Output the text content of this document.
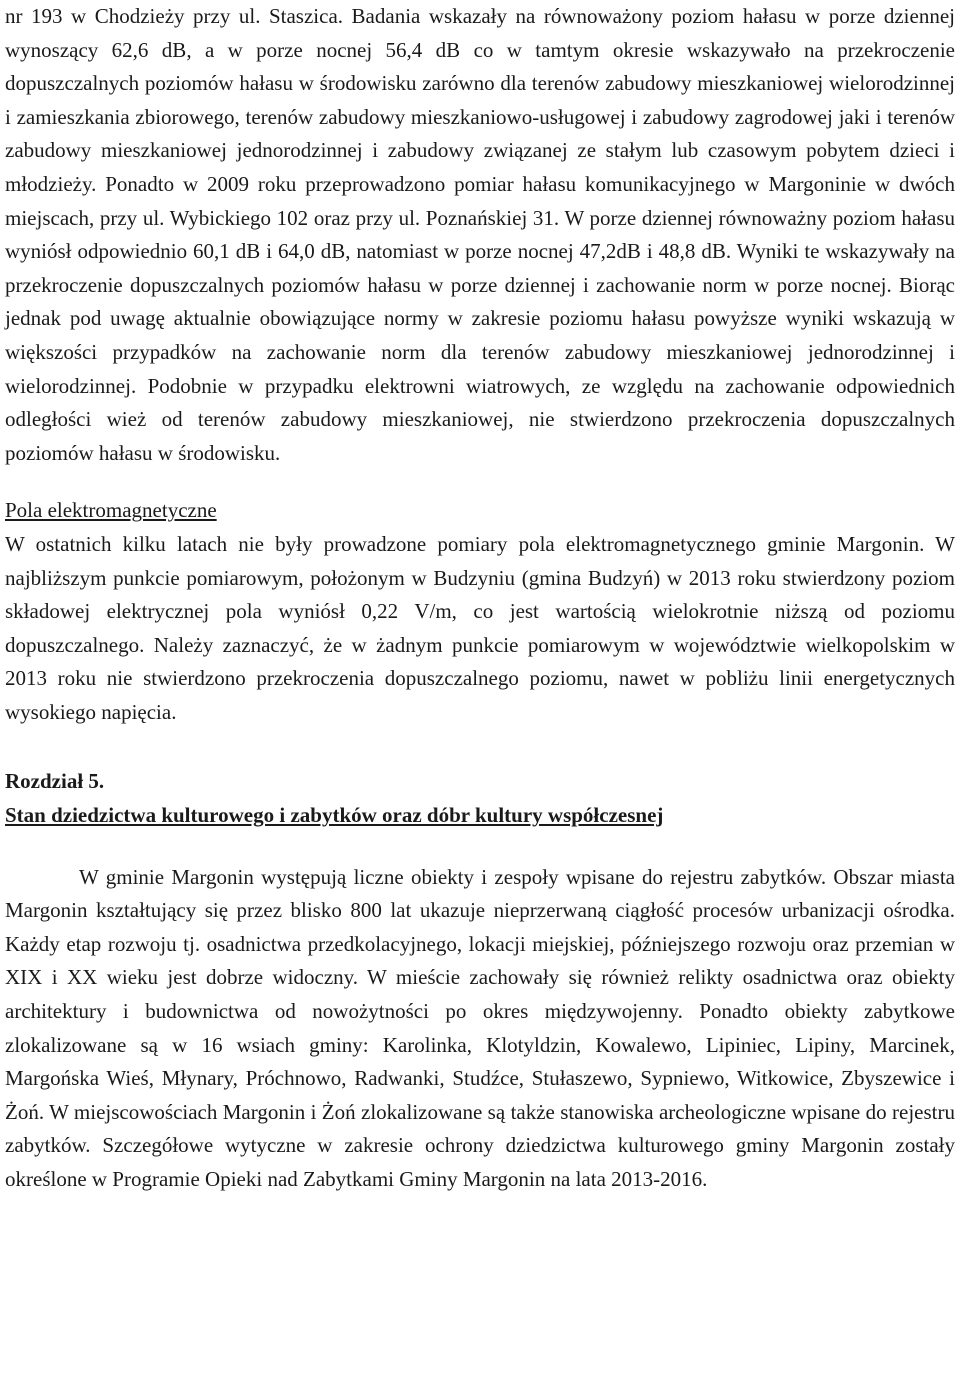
nr 193 w Chodzieży przy ul. Staszica. Badania wskazały na równoważony poziom hałasu w porze dziennej wynoszący 62,6 dB, a w porze nocnej 56,4 dB co w tamtym okresie wskazywało na przekroczenie dopuszczalnych poziomów hałasu w środowisku zarówno dla terenów zabudowy mieszkaniowej wielorodzinnej i zamieszkania zbiorowego, terenów zabudowy mieszkaniowo-usługowej i zabudowy zagrodowej jaki i terenów zabudowy mieszkaniowej jednorodzinnej i zabudowy związanej ze stałym lub czasowym pobytem dzieci i młodzieży. Ponadto w 2009 roku przeprowadzono pomiar hałasu komunikacyjnego w Margoninie w dwóch miejscach, przy ul. Wybickiego 102 oraz przy ul. Poznańskiej 31. W porze dziennej równoważny poziom hałasu wyniósł odpowiednio 60,1 dB i 64,0 dB, natomiast w porze nocnej 47,2dB i 48,8 dB. Wyniki te wskazywały na przekroczenie dopuszczalnych poziomów hałasu w porze dziennej i zachowanie norm w porze nocnej. Biorąc jednak pod uwagę aktualnie obowiązujące normy w zakresie poziomu hałasu powyższe wyniki wskazują w większości przypadków na zachowanie norm dla terenów zabudowy mieszkaniowej jednorodzinnej i wielorodzinnej. Podobnie w przypadku elektrowni wiatrowych, ze względu na zachowanie odpowiednich odległości wież od terenów zabudowy mieszkaniowej, nie stwierdzono przekroczenia dopuszczalnych poziomów hałasu w środowisku.

Pola elektromagnetyczne

W ostatnich kilku latach nie były prowadzone pomiary pola elektromagnetycznego gminie Margonin. W najbliższym punkcie pomiarowym, położonym w Budzyniu (gmina Budzyń) w 2013 roku stwierdzony poziom składowej elektrycznej pola wyniósł 0,22 V/m, co jest wartością wielokrotnie niższą od poziomu dopuszczalnego. Należy zaznaczyć, że w żadnym punkcie pomiarowym w województwie wielkopolskim w 2013 roku nie stwierdzono przekroczenia dopuszczalnego poziomu, nawet w pobliżu linii energetycznych wysokiego napięcia.

Rozdział 5.

Stan dziedzictwa kulturowego i zabytków oraz dóbr kultury współczesnej

W gminie Margonin występują liczne obiekty i zespoły wpisane do rejestru zabytków. Obszar miasta Margonin kształtujący się przez blisko 800 lat ukazuje nieprzerwaną ciągłość procesów urbanizacji ośrodka. Każdy etap rozwoju tj. osadnictwa przedkolacyjnego, lokacji miejskiej, późniejszego rozwoju oraz przemian w XIX i XX wieku jest dobrze widoczny. W mieście zachowały się również relikty osadnictwa oraz obiekty architektury i budownictwa od nowożytności po okres międzywojenny. Ponadto obiekty zabytkowe zlokalizowane są w 16 wsiach gminy: Karolinka, Klotyldzin, Kowalewo, Lipiniec, Lipiny, Marcinek, Margońska Wieś, Młynary, Próchnowo, Radwanki, Studźce, Stułaszewo, Sypniewo, Witkowice, Zbyszewice i Żoń. W miejscowościach Margonin i Żoń zlokalizowane są także stanowiska archeologiczne wpisane do rejestru zabytków. Szczegółowe wytyczne w zakresie ochrony dziedzictwa kulturowego gminy Margonin zostały określone w Programie Opieki nad Zabytkami Gminy Margonin na lata 2013-2016.
